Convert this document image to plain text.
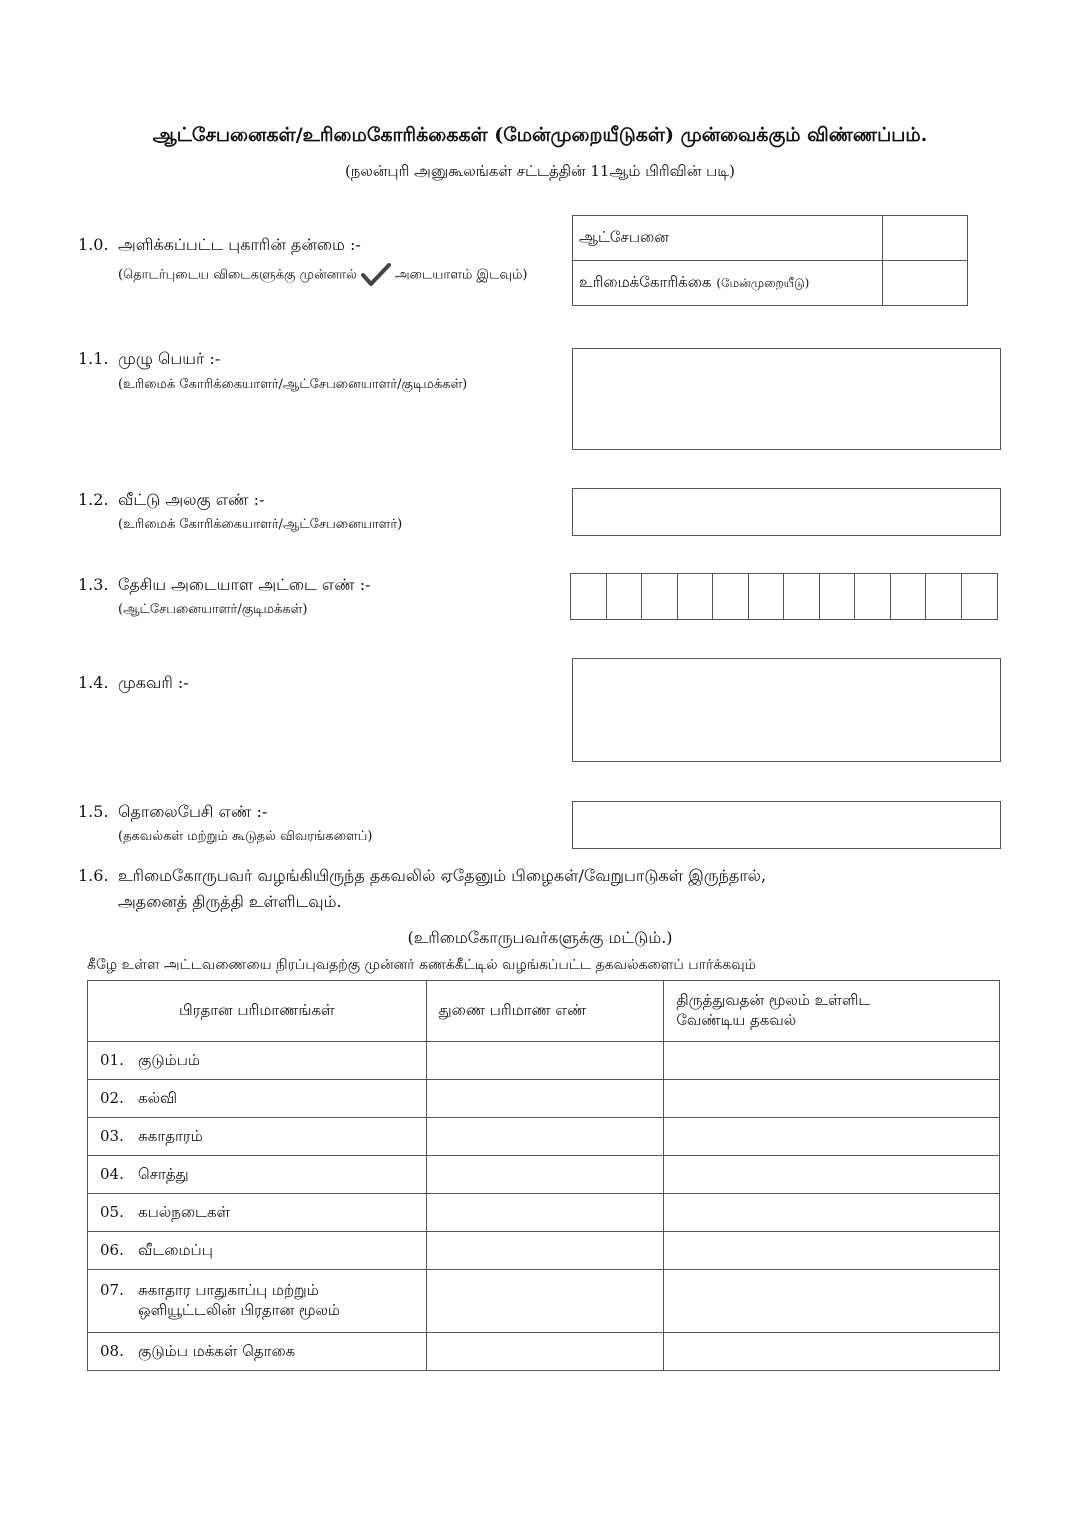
ஆட்சேபனைகள்/உரிமைகோரிக்கைகள் (மேன்முறையீடுகள்) முன்வைக்கும் விண்ணப்பம்.
(நலன்புரி அனுகூலங்கள் சட்டத்தின் 11ஆம் பிரிவின் படி)
1.0. அளிக்கப்பட்ட புகாரின் தன்மை :-
(தொடர்புடைய விடைகளுக்கு முன்னால்	அடையாளம் இடவும்)
ஆட்சேபனை	
உரிமைக்கோரிக்கை (மேன்முறையீடு)	
1.1. முழு பெயர் :-
(உரிமைக் கோரிக்கையாளர்/ஆட்சேபனையாளர்/குடிமக்கள்)
1.2. வீட்டு அலகு எண் :-
(உரிமைக் கோரிக்கையாளர்/ஆட்சேபனையாளர்)
1.3. தேசிய அடையாள அட்டை எண் :-
(ஆட்சேபனையாளர்/குடிமக்கள்)
1.4. முகவரி :-
1.5. தொலைபேசி எண் :-
(தகவல்கள் மற்றும் கூடுதல் விவரங்களைப்)
1.6. உரிமைகோருபவர் வழங்கியிருந்த தகவலில் ஏதேனும் பிழைகள்/வேறுபாடுகள் இருந்தால்,
அதனைத் திருத்தி உள்ளிடவும்.
(உரிமைகோருபவர்களுக்கு மட்டும்.)
கீழே உள்ள அட்டவணையை நிரப்புவதற்கு முன்னர் கணக்கீட்டில் வழங்கப்பட்ட தகவல்களைப் பார்க்கவும்
பிரதான பரிமாணங்கள்	துணை பரிமாண எண்	திருத்துவதன் மூலம் உள்ளிட
வேண்டிய தகவல்

01. குடும்பம்		
02. கல்வி		
03. சுகாதாரம்		
04. சொத்து		
05. கபல்நடைகள்		
06. வீடமைப்பு		
07. சுகாதார பாதுகாப்பு மற்றும்
ஒளியூட்டலின் பிரதான மூலம்		
08. குடும்ப மக்கள் தொகை		
